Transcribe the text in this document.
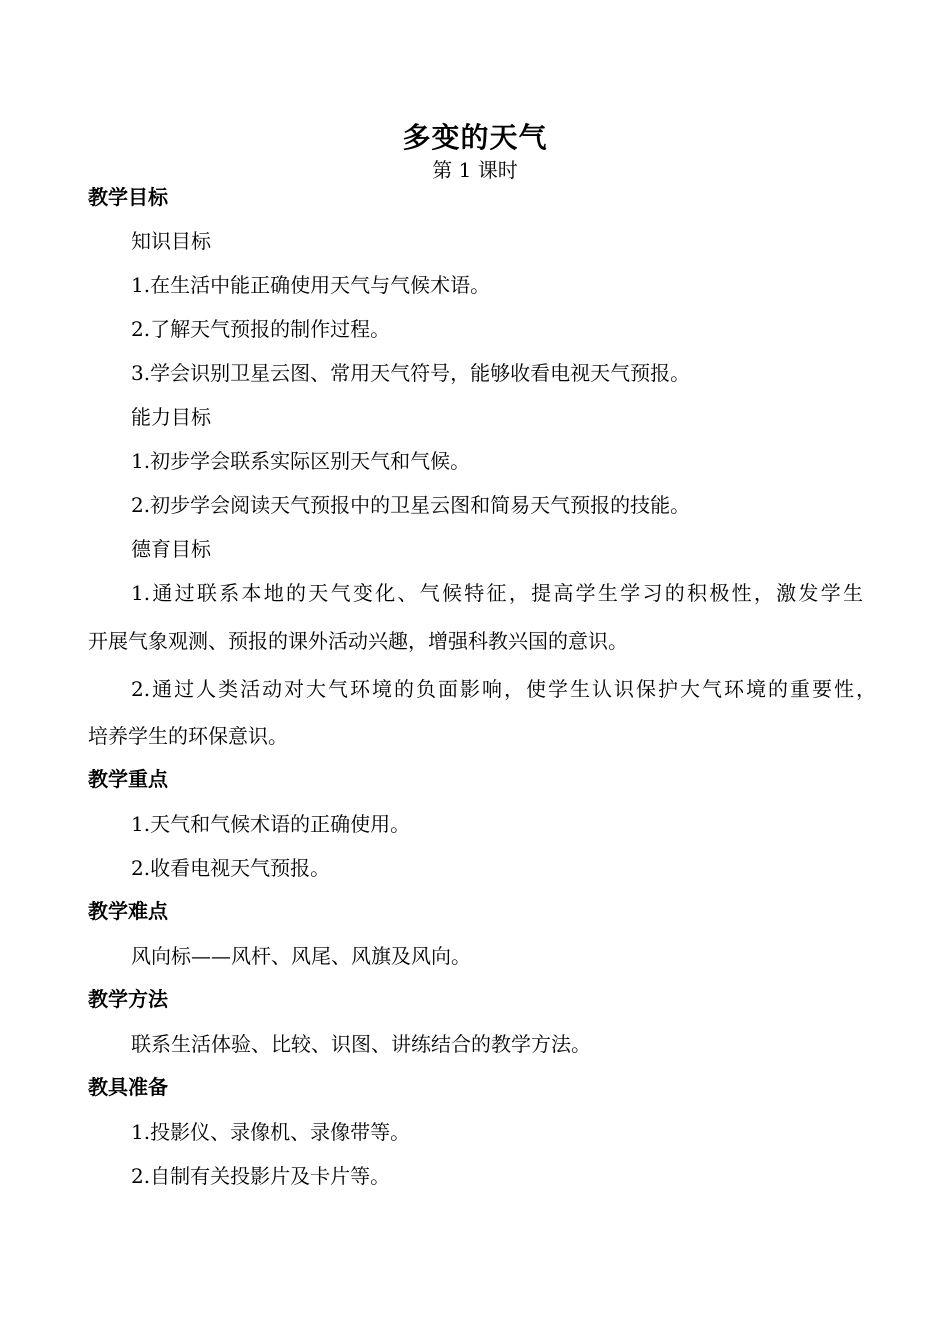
多变的天气
第 1 课时
教学目标
知识目标
1.在生活中能正确使用天气与气候术语。
2.了解天气预报的制作过程。
3.学会识别卫星云图、常用天气符号，能够收看电视天气预报。
能力目标
1.初步学会联系实际区别天气和气候。
2.初步学会阅读天气预报中的卫星云图和简易天气预报的技能。
德育目标
1.通过联系本地的天气变化、气候特征，提高学生学习的积极性，激发学生
开展气象观测、预报的课外活动兴趣，增强科教兴国的意识。
2.通过人类活动对大气环境的负面影响，使学生认识保护大气环境的重要性，
培养学生的环保意识。
教学重点
1.天气和气候术语的正确使用。
2.收看电视天气预报。
教学难点
风向标——风杆、风尾、风旗及风向。
教学方法
联系生活体验、比较、识图、讲练结合的教学方法。
教具准备
1.投影仪、录像机、录像带等。
2.自制有关投影片及卡片等。
